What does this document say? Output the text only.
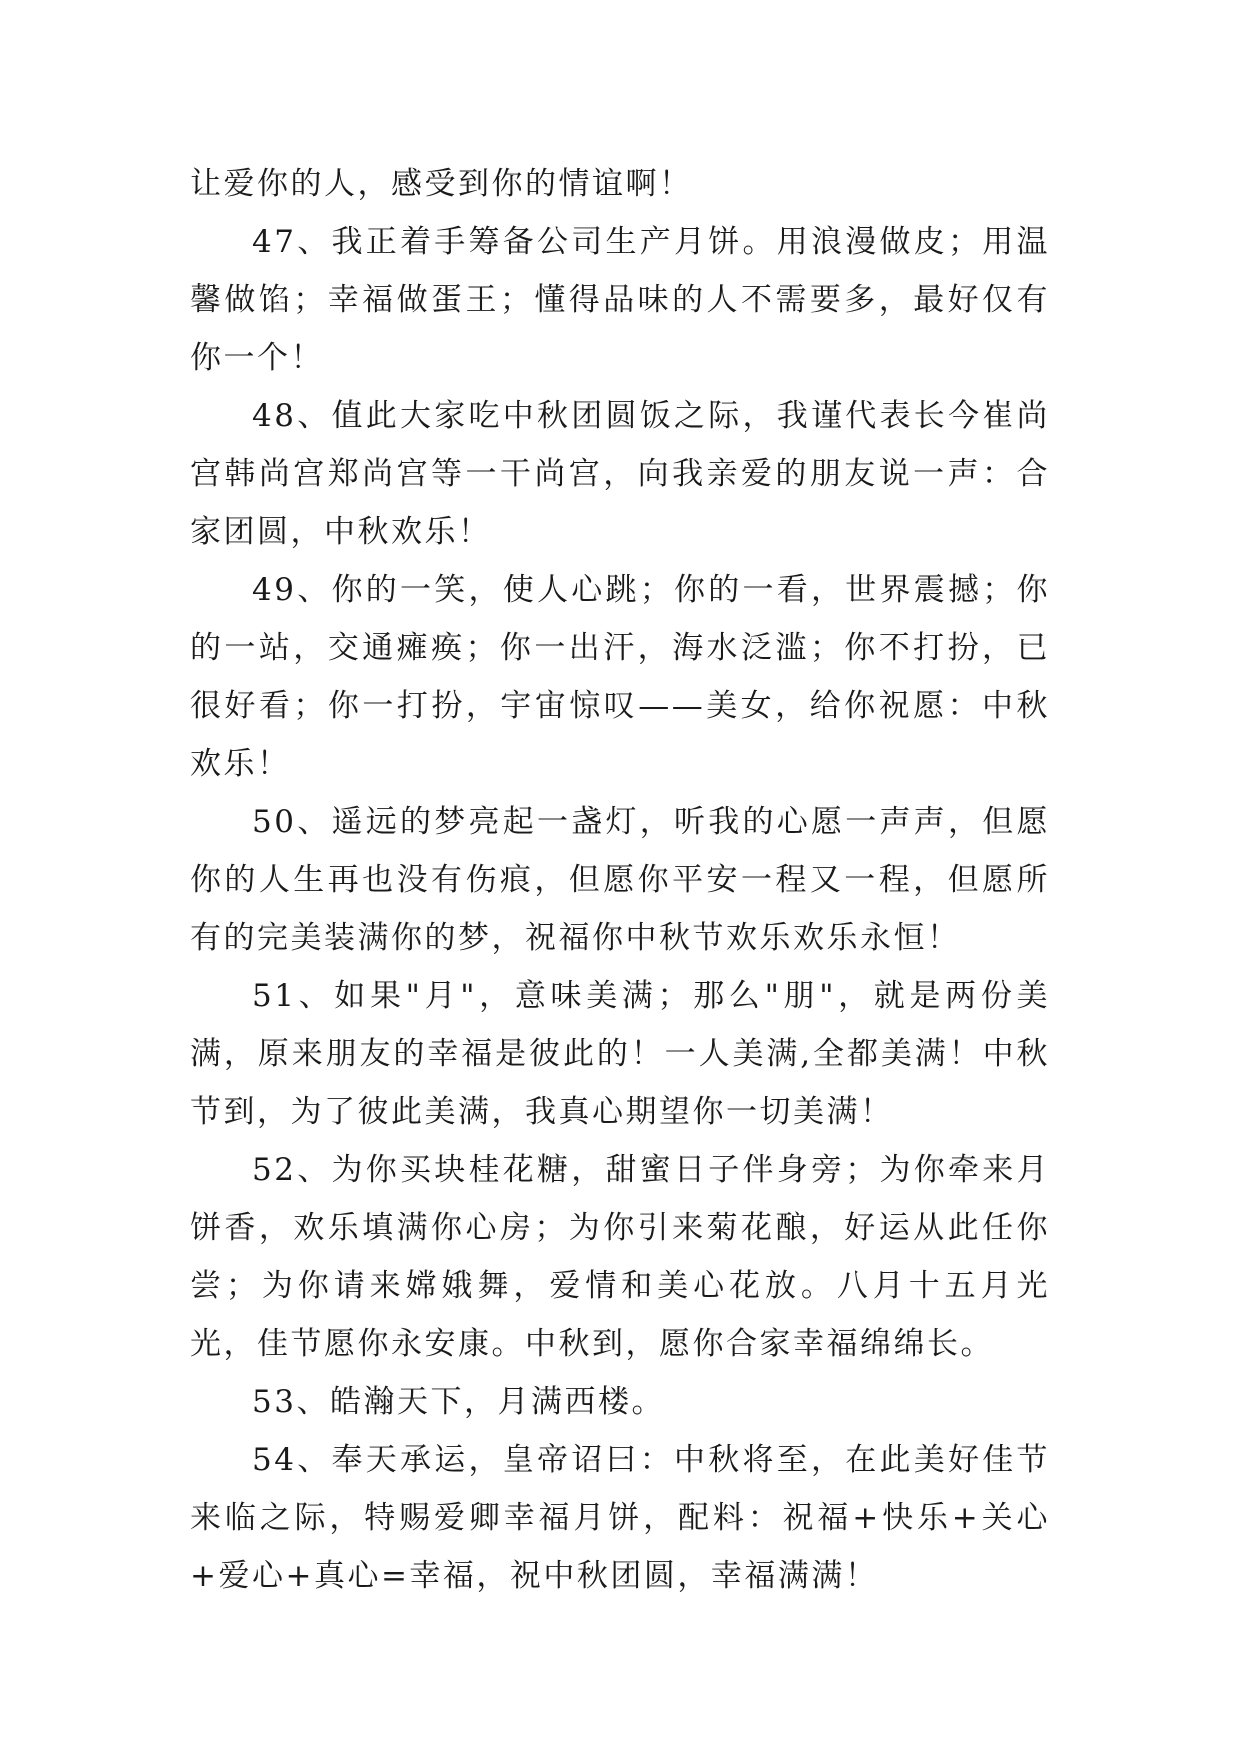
让爱你的人，感受到你的情谊啊！

47、我正着手筹备公司生产月饼。用浪漫做皮；用温馨做馅；幸福做蛋王；懂得品味的人不需要多，最好仅有你一个！

48、值此大家吃中秋团圆饭之际，我谨代表长今崔尚宫韩尚宫郑尚宫等一干尚宫，向我亲爱的朋友说一声：合家团圆，中秋欢乐！

49、你的一笑，使人心跳；你的一看，世界震撼；你的一站，交通瘫痪；你一出汗，海水泛滥；你不打扮，已很好看；你一打扮，宇宙惊叹——美女，给你祝愿：中秋欢乐！

50、遥远的梦亮起一盏灯，听我的心愿一声声，但愿你的人生再也没有伤痕，但愿你平安一程又一程，但愿所有的完美装满你的梦，祝福你中秋节欢乐欢乐永恒！

51、如果"月"，意味美满；那么"朋"，就是两份美满，原来朋友的幸福是彼此的！一人美满,全都美满！中秋节到，为了彼此美满，我真心期望你一切美满！

52、为你买块桂花糖，甜蜜日子伴身旁；为你牵来月饼香，欢乐填满你心房；为你引来菊花酿，好运从此任你尝；为你请来嫦娥舞，爱情和美心花放。八月十五月光光，佳节愿你永安康。中秋到，愿你合家幸福绵绵长。

53、皓瀚天下，月满西楼。

54、奉天承运，皇帝诏曰：中秋将至，在此美好佳节来临之际，特赐爱卿幸福月饼，配料：祝福+快乐+关心+爱心+真心=幸福，祝中秋团圆，幸福满满！
